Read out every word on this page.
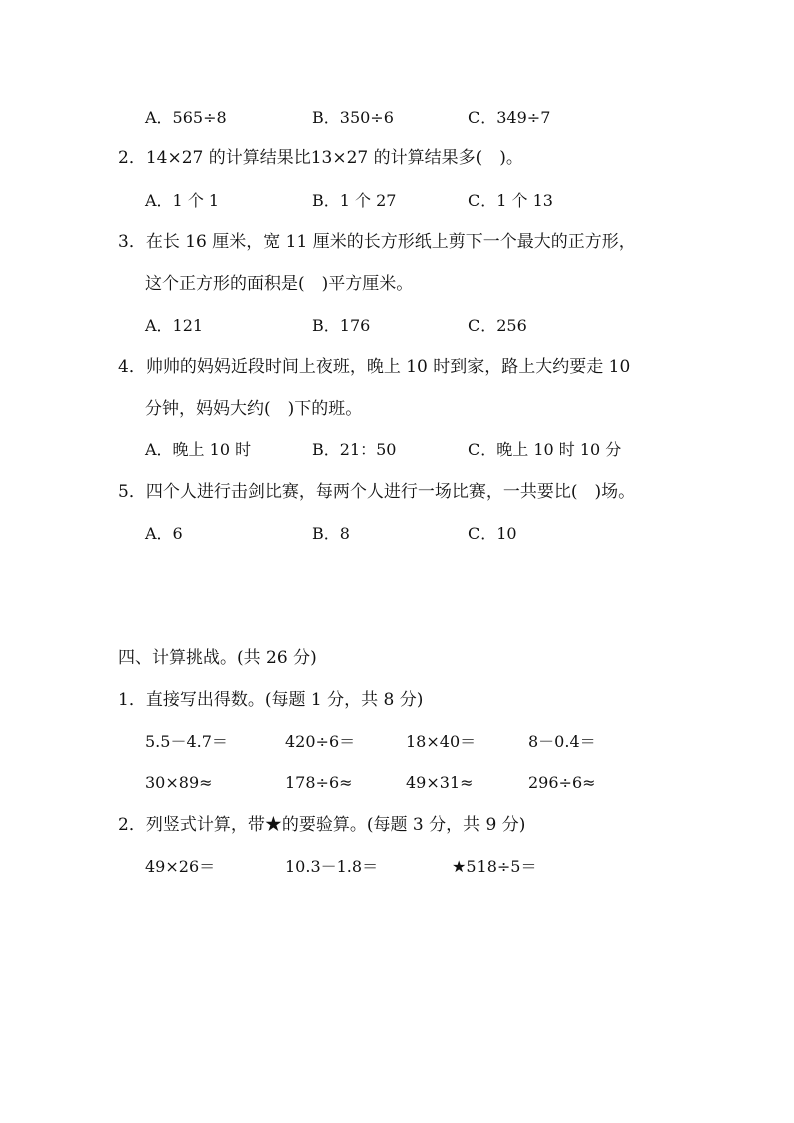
A．565÷8	B．350÷6	C．349÷7
2．14×27 的计算结果比13×27 的计算结果多(　)。
A．1 个 1	B．1 个 27	C．1 个 13
3．在长 16 厘米，宽 11 厘米的长方形纸上剪下一个最大的正方形，
这个正方形的面积是(　)平方厘米。
A．121	B．176	C．256
4．帅帅的妈妈近段时间上夜班，晚上 10 时到家，路上大约要走 10
分钟，妈妈大约(　)下的班。
A．晚上 10 时	B．21：50	C．晚上 10 时 10 分
5．四个人进行击剑比赛，每两个人进行一场比赛，一共要比(　)场。
A．6	B．8	C．10
四、计算挑战。(共 26 分)
1．直接写出得数。(每题 1 分，共 8 分)
5.5－4.7＝	420÷6＝	18×40＝	8－0.4＝
30×89≈	178÷6≈	49×31≈	296÷6≈
2．列竖式计算，带★的要验算。(每题 3 分，共 9 分)
49×26＝	10.3－1.8＝	★518÷5＝
